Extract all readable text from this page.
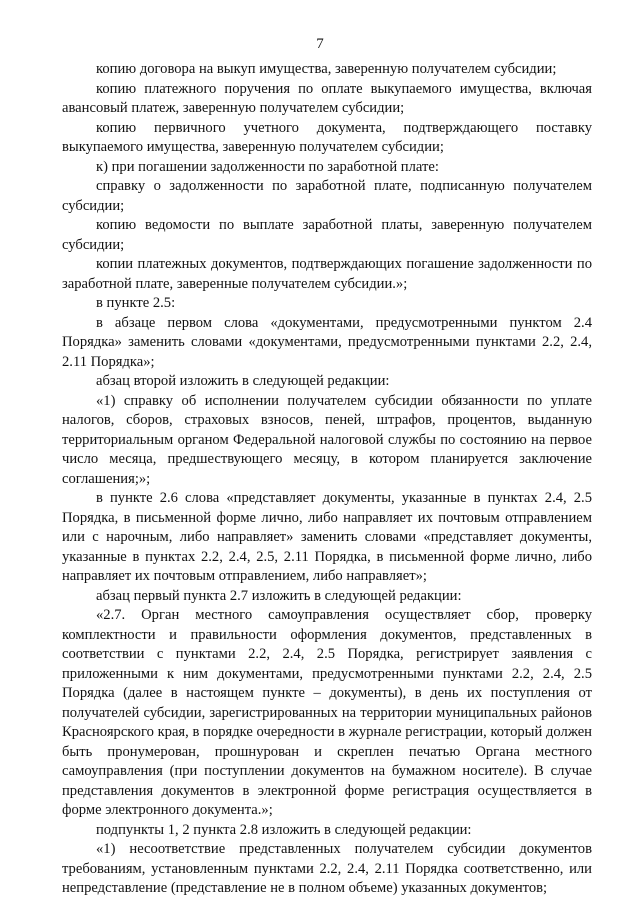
7

копию договора на выкуп имущества, заверенную получателем субсидии;

копию платежного поручения по оплате выкупаемого имущества, включая авансовый платеж, заверенную получателем субсидии;

копию первичного учетного документа, подтверждающего поставку выкупаемого имущества, заверенную получателем субсидии;

к) при погашении задолженности по заработной плате:

справку о задолженности по заработной плате, подписанную получателем субсидии;

копию ведомости по выплате заработной платы, заверенную получателем субсидии;

копии платежных документов, подтверждающих погашение задолженности по заработной плате, заверенные получателем субсидии.»;

в пункте 2.5:

в абзаце первом слова «документами, предусмотренными пунктом 2.4 Порядка» заменить словами «документами, предусмотренными пунктами 2.2, 2.4, 2.11 Порядка»;

абзац второй изложить в следующей редакции:

«1) справку об исполнении получателем субсидии обязанности по уплате налогов, сборов, страховых взносов, пеней, штрафов, процентов, выданную территориальным органом Федеральной налоговой службы по состоянию на первое число месяца, предшествующего месяцу, в котором планируется заключение соглашения;»;

в пункте 2.6 слова «представляет документы, указанные в пунктах 2.4, 2.5 Порядка, в письменной форме лично, либо направляет их почтовым отправлением или с нарочным, либо направляет» заменить словами «представляет документы, указанные в пунктах 2.2, 2.4, 2.5, 2.11 Порядка, в письменной форме лично, либо направляет их почтовым отправлением, либо направляет»;

абзац первый пункта 2.7 изложить в следующей редакции:

«2.7. Орган местного самоуправления осуществляет сбор, проверку комплектности и правильности оформления документов, представленных в соответствии с пунктами 2.2, 2.4, 2.5 Порядка, регистрирует заявления с приложенными к ним документами, предусмотренными пунктами 2.2, 2.4, 2.5 Порядка (далее в настоящем пункте – документы), в день их поступления от получателей субсидии, зарегистрированных на территории муниципальных районов Красноярского края, в порядке очередности в журнале регистрации, который должен быть пронумерован, прошнурован и скреплен печатью Органа местного самоуправления (при поступлении документов на бумажном носителе). В случае представления документов в электронной форме регистрация осуществляется в форме электронного документа.»;

подпункты 1, 2 пункта 2.8 изложить в следующей редакции:

«1) несоответствие представленных получателем субсидии документов требованиям, установленным пунктами 2.2, 2.4, 2.11 Порядка соответственно, или непредставление (представление не в полном объеме) указанных документов;
